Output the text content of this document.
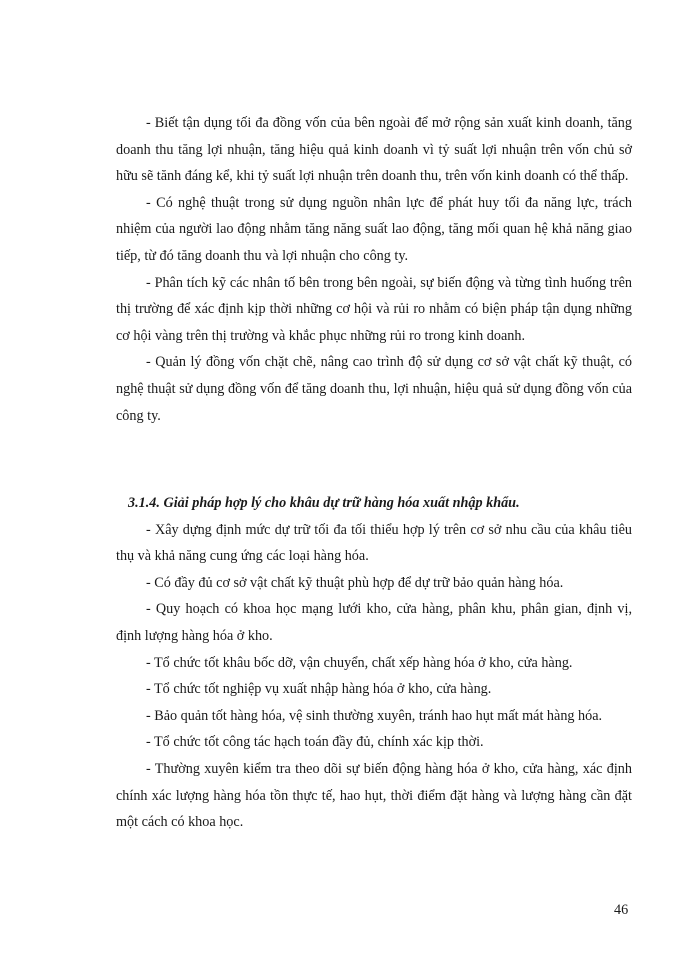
- Biết tận dụng tối đa đồng vốn của bên ngoài để mở rộng sản xuất kinh doanh, tăng doanh thu tăng lợi nhuận, tăng hiệu quả kinh doanh vì tỷ suất lợi nhuận trên vốn chủ sở hữu sẽ tănh đáng kể, khi tỷ suất lợi nhuận trên doanh thu, trên vốn kinh doanh có thể thấp.

- Có nghệ thuật trong sử dụng nguồn nhân lực để phát huy tối đa năng lực, trách nhiệm của người lao động nhằm tăng năng suất lao động, tăng mối quan hệ khả năng giao tiếp, từ đó tăng doanh thu và lợi nhuận cho công ty.

- Phân tích kỹ các nhân tố bên trong bên ngoài, sự biến động và từng tình huống trên thị trường để xác định kịp thời những cơ hội và rủi ro nhằm có biện pháp tận dụng những cơ hội vàng trên thị trường và khắc phục những rủi ro trong kinh doanh.

- Quản lý đồng vốn chặt chẽ, nâng cao trình độ sử dụng cơ sở vật chất kỹ thuật, có nghệ thuật sử dụng đồng vốn để tăng doanh thu, lợi nhuận, hiệu quả sử dụng đồng vốn của công ty.

3.1.4. Giải pháp hợp lý cho khâu dự trữ hàng hóa xuất nhập khẩu.

- Xây dựng định mức dự trữ tối đa tối thiểu hợp lý trên cơ sở nhu cầu của khâu tiêu thụ và khả năng cung ứng các loại hàng hóa.

- Có đầy đủ cơ sở vật chất kỹ thuật phù hợp để dự trữ bảo quản hàng hóa.

- Quy hoạch có khoa học mạng lưới kho, cửa hàng, phân khu, phân gian, định vị, định lượng hàng hóa ở kho.

- Tổ chức tốt khâu bốc dỡ, vận chuyển, chất xếp hàng hóa ở kho, cửa hàng.

- Tổ chức tốt nghiệp vụ xuất nhập hàng hóa ở kho, cửa hàng.

- Bảo quản tốt hàng hóa, vệ sinh thường xuyên, tránh hao hụt mất mát hàng hóa.

- Tổ chức tốt công tác hạch toán đầy đủ, chính xác kịp thời.

- Thường xuyên kiểm tra theo dõi sự biến động hàng hóa ở kho, cửa hàng, xác định chính xác lượng hàng hóa tồn thực tế, hao hụt, thời điểm đặt hàng và lượng hàng cần đặt một cách có khoa học.

46
